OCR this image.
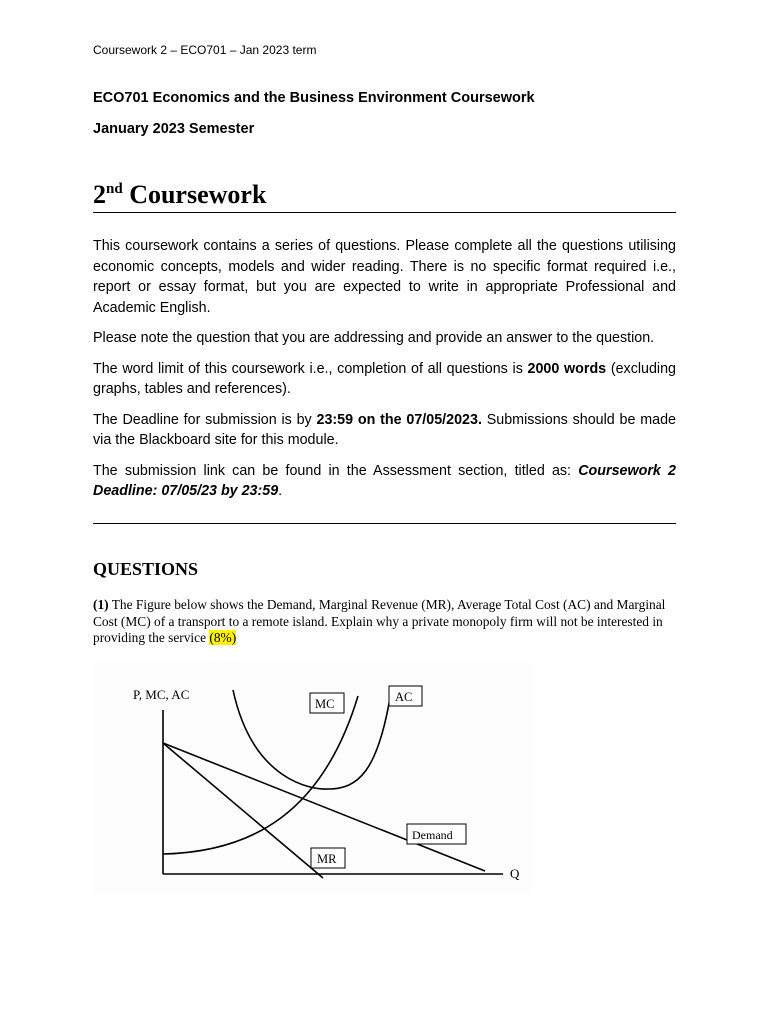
Coursework 2 – ECO701 – Jan 2023 term
ECO701 Economics and the Business Environment Coursework
January 2023 Semester
2nd Coursework

This coursework contains a series of questions. Please complete all the questions utilising economic concepts, models and wider reading. There is no specific format required i.e., report or essay format, but you are expected to write in appropriate Professional and Academic English.

Please note the question that you are addressing and provide an answer to the question.

The word limit of this coursework i.e., completion of all questions is 2000 words (excluding graphs, tables and references).

The Deadline for submission is by 23:59 on the 07/05/2023. Submissions should be made via the Blackboard site for this module.

The submission link can be found in the Assessment section, titled as: Coursework 2 Deadline: 07/05/23 by 23:59.

QUESTIONS
(1) The Figure below shows the Demand, Marginal Revenue (MR), Average Total Cost (AC) and Marginal Cost (MC) of a transport to a remote island. Explain why a private monopoly firm will not be interested in providing the service (8%)
P, MC, AC
Q
MC	AC
Demand
MR
